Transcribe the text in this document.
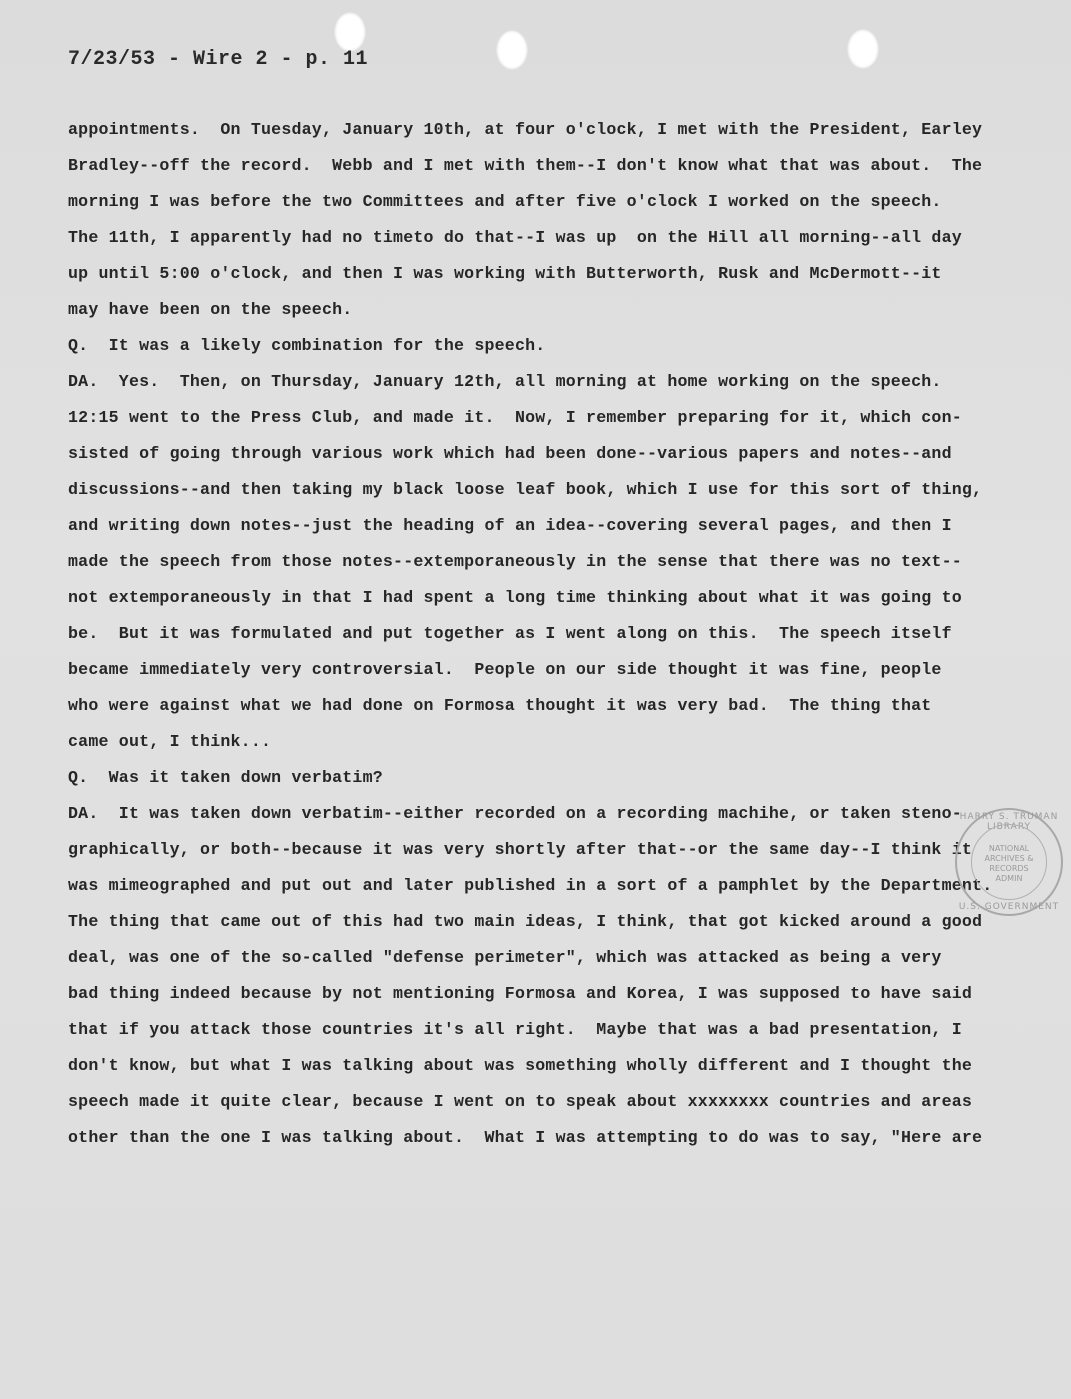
7/23/53 - Wire 2 - p. 11
appointments.  On Tuesday, January 10th, at four o'clock, I met with the President, Earley
Bradley--off the record.  Webb and I met with them--I don't know what that was about.  The
morning I was before the two Committees and after five o'clock I worked on the speech.
The 11th, I apparently had no timeto do that--I was up  on the Hill all morning--all day
up until 5:00 o'clock, and then I was working with Butterworth, Rusk and McDermott--it
may have been on the speech.
Q.  It was a likely combination for the speech.
DA.  Yes.  Then, on Thursday, January 12th, all morning at home working on the speech.
12:15 went to the Press Club, and made it.  Now, I remember preparing for it, which con-
sisted of going through various work which had been done--various papers and notes--and
discussions--and then taking my black loose leaf book, which I use for this sort of thing,
and writing down notes--just the heading of an idea--covering several pages, and then I
made the speech from those notes--extemporaneously in the sense that there was no text--
not extemporaneously in that I had spent a long time thinking about what it was going to
be.  But it was formulated and put together as I went along on this.  The speech itself
became immediately very controversial.  People on our side thought it was fine, people
who were against what we had done on Formosa thought it was very bad.  The thing that
came out, I think...
Q.  Was it taken down verbatim?
DA.  It was taken down verbatim--either recorded on a recording machihe, or taken steno-
graphically, or both--because it was very shortly after that--or the same day--I think it
was mimeographed and put out and later published in a sort of a pamphlet by the Department.
The thing that came out of this had two main ideas, I think, that got kicked around a good
deal, was one of the so-called "defense perimeter", which was attacked as being a very
bad thing indeed because by not mentioning Formosa and Korea, I was supposed to have said
that if you attack those countries it's all right.  Maybe that was a bad presentation, I
don't know, but what I was talking about was something wholly different and I thought the
speech made it quite clear, because I went on to speak about xxxxxxxx countries and areas
other than the one I was talking about.  What I was attempting to do was to say, "Here are
HARRY S. TRUMAN LIBRARY
NATIONAL
ARCHIVES &
RECORDS
ADMIN
U.S. GOVERNMENT
